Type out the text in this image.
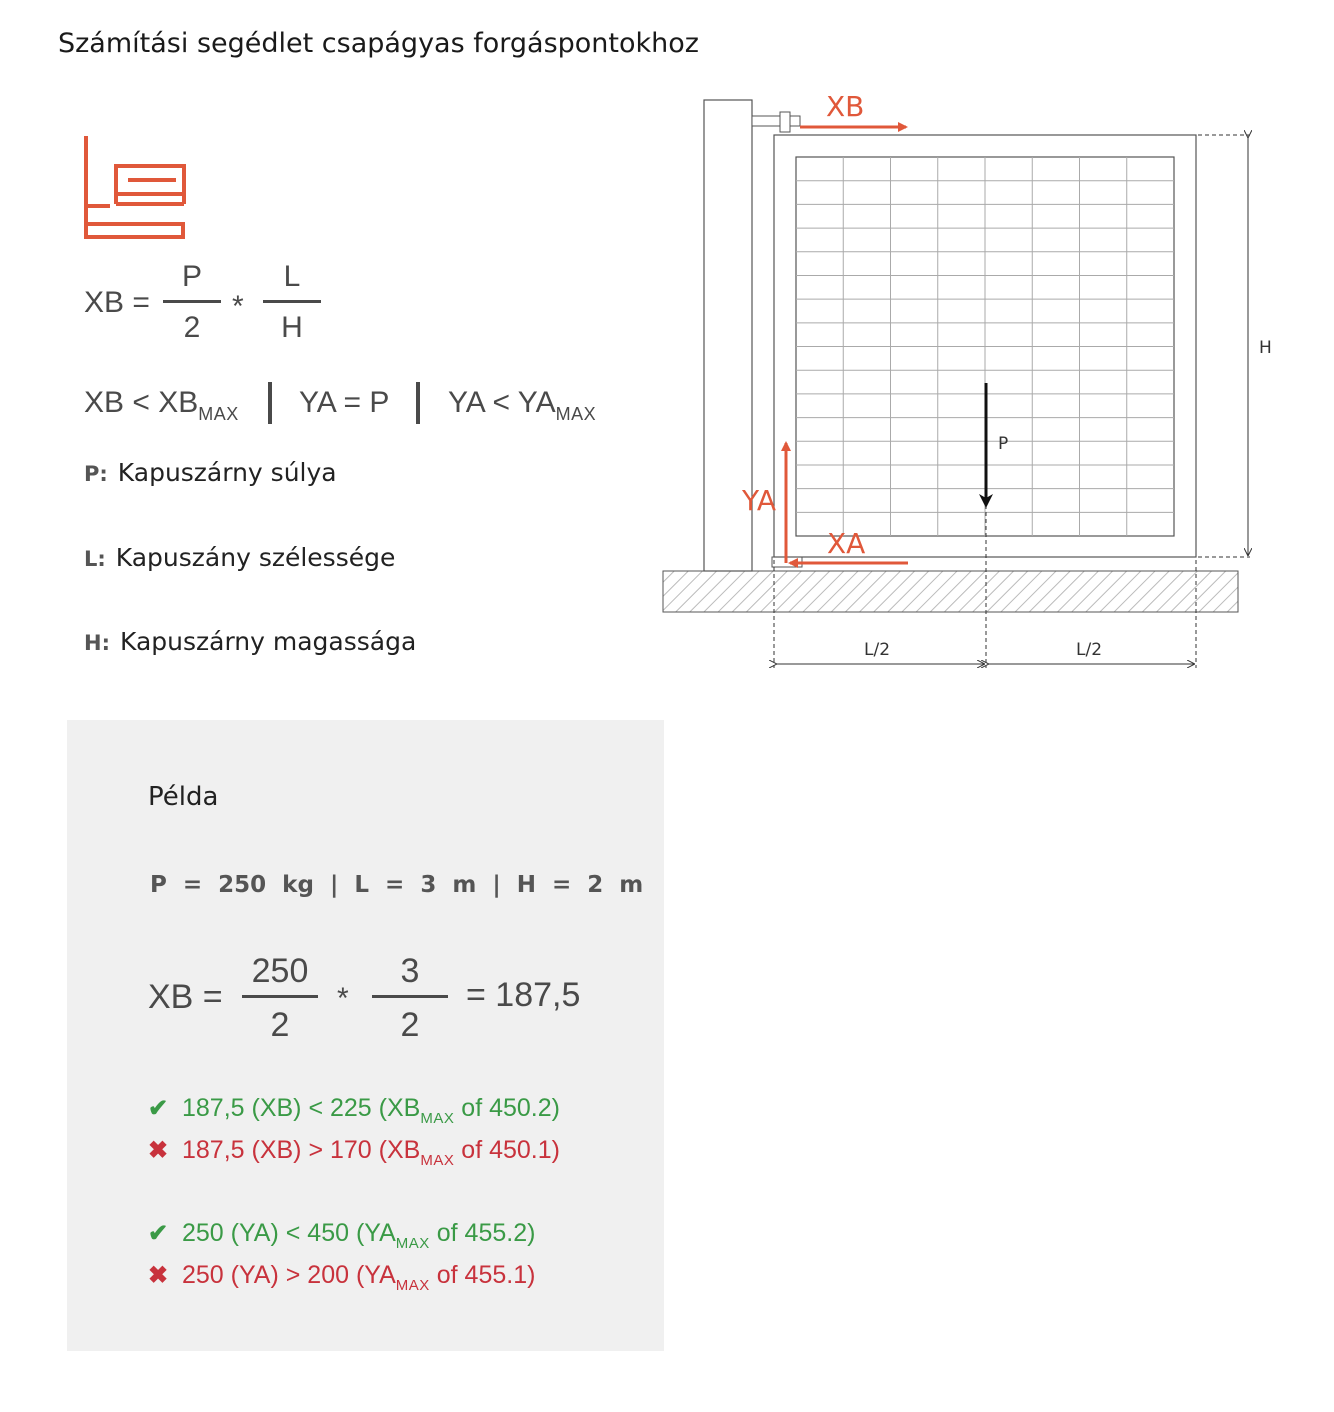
Számítási segédlet csapágyas forgáspontokhoz
XB =
P
2
*
L
H
XB < $XB_{MAX}$ YA = P YA < $YA_{MAX}$
P: Kapuszárny súlya
L: Kapuszány szélessége
H: Kapuszárny magassága
XB
YA
XA
P
H
L/2	L/2
Példa
P  =  250  kg  |  L  =  3  m  |  H  =  2  m
XB =
250
2
*
3
2
= 187,5
✔ 187,5 (XB) < 225 ($XB_{MAX}$ of 450.2)
✖ 187,5 (XB) > 170 ($XB_{MAX}$ of 450.1)
✔ 250 (YA) < 450 ($YA_{MAX}$ of 455.2)
✖ 250 (YA) > 200 ($YA_{MAX}$ of 455.1)
